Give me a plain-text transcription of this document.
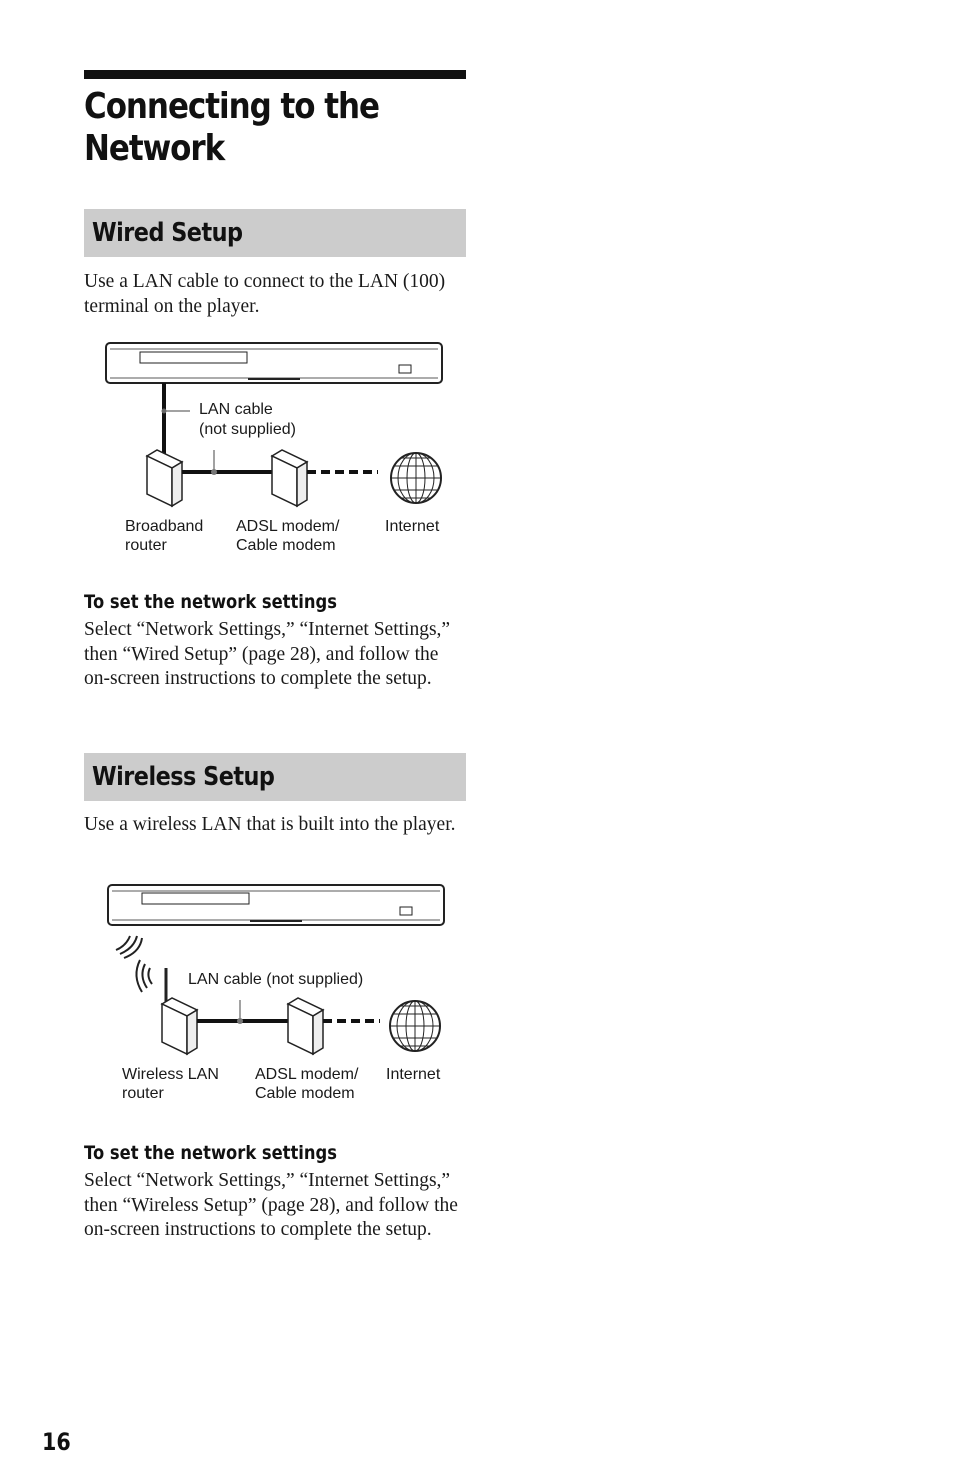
Connecting to the Network
Wired Setup

Use a LAN cable to connect to the LAN (100) terminal on the player.

LAN cable
(not supplied)
Broadband
router
ADSL modem/
Cable modem
Internet
To set the network settings

Select “Network Settings,” “Internet Settings,” then “Wired Setup” (page 28), and follow the on-screen instructions to complete the setup.

Wireless Setup

Use a wireless LAN that is built into the player.

LAN cable (not supplied)
Wireless LAN
router
ADSL modem/
Cable modem
Internet
To set the network settings

Select “Network Settings,” “Internet Settings,” then “Wireless Setup” (page 28), and follow the on-screen instructions to complete the setup.

16
